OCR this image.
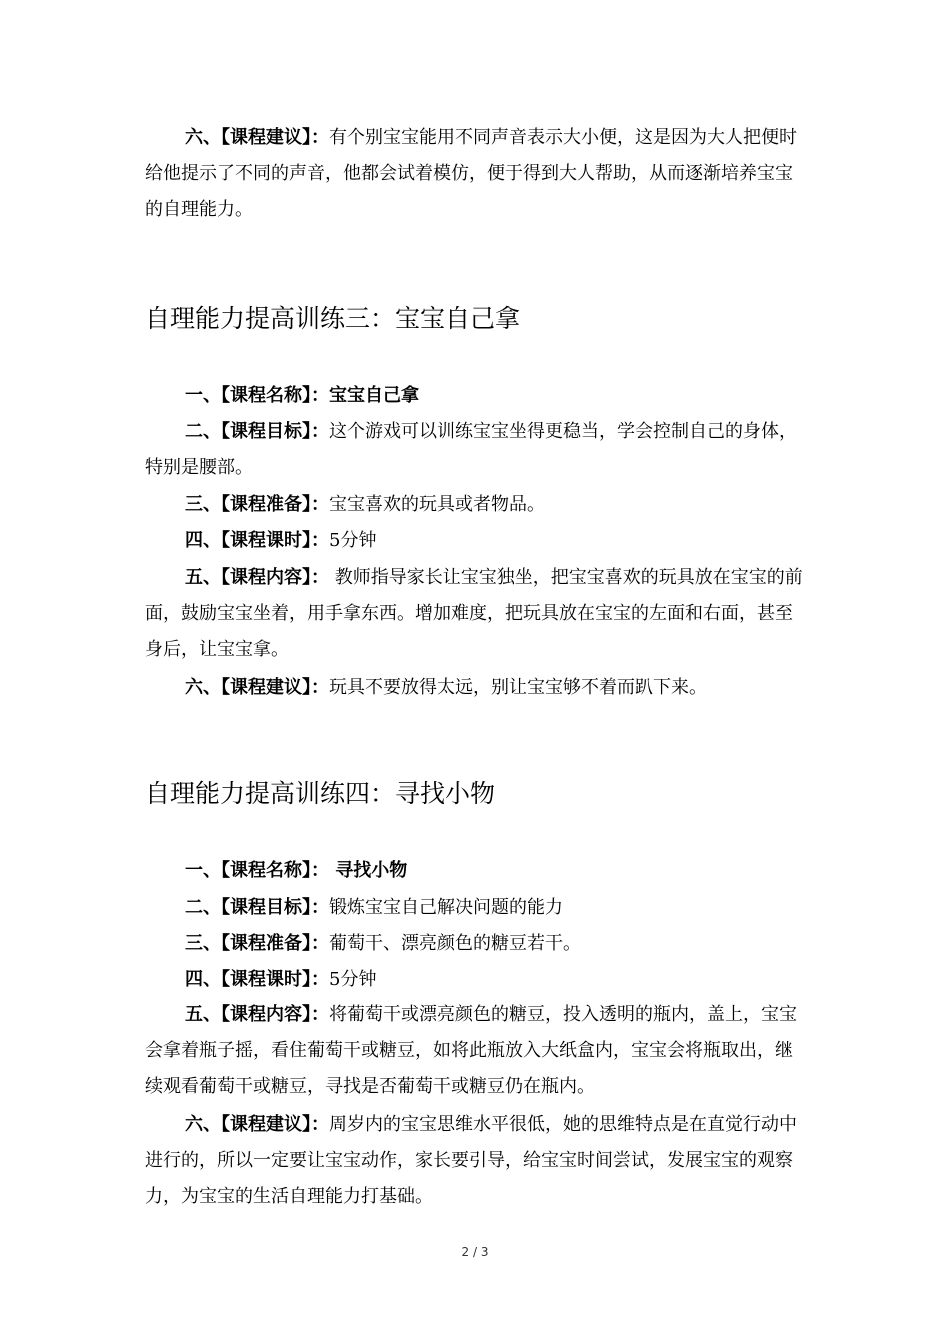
六、【课程建议】：有个别宝宝能用不同声音表示大小便，这是因为大人把便时给他提示了不同的声音，他都会试着模仿，便于得到大人帮助，从而逐渐培养宝宝的自理能力。

自理能力提高训练三：宝宝自己拿

一、【课程名称】：宝宝自己拿

二、【课程目标】：这个游戏可以训练宝宝坐得更稳当，学会控制自己的身体，特别是腰部。

三、【课程准备】：宝宝喜欢的玩具或者物品。

四、【课程课时】：5分钟

五、【课程内容】： 教师指导家长让宝宝独坐，把宝宝喜欢的玩具放在宝宝的前面，鼓励宝宝坐着，用手拿东西。增加难度，把玩具放在宝宝的左面和右面，甚至身后，让宝宝拿。

六、【课程建议】：玩具不要放得太远，别让宝宝够不着而趴下来。

自理能力提高训练四：寻找小物

一、【课程名称】： 寻找小物

二、【课程目标】：锻炼宝宝自己解决问题的能力

三、【课程准备】：葡萄干、漂亮颜色的糖豆若干。

四、【课程课时】：5分钟

五、【课程内容】：将葡萄干或漂亮颜色的糖豆，投入透明的瓶内，盖上，宝宝会拿着瓶子摇，看住葡萄干或糖豆，如将此瓶放入大纸盒内，宝宝会将瓶取出，继续观看葡萄干或糖豆，寻找是否葡萄干或糖豆仍在瓶内。

六、【课程建议】：周岁内的宝宝思维水平很低，她的思维特点是在直觉行动中进行的，所以一定要让宝宝动作，家长要引导，给宝宝时间尝试，发展宝宝的观察力，为宝宝的生活自理能力打基础。

2 / 3
